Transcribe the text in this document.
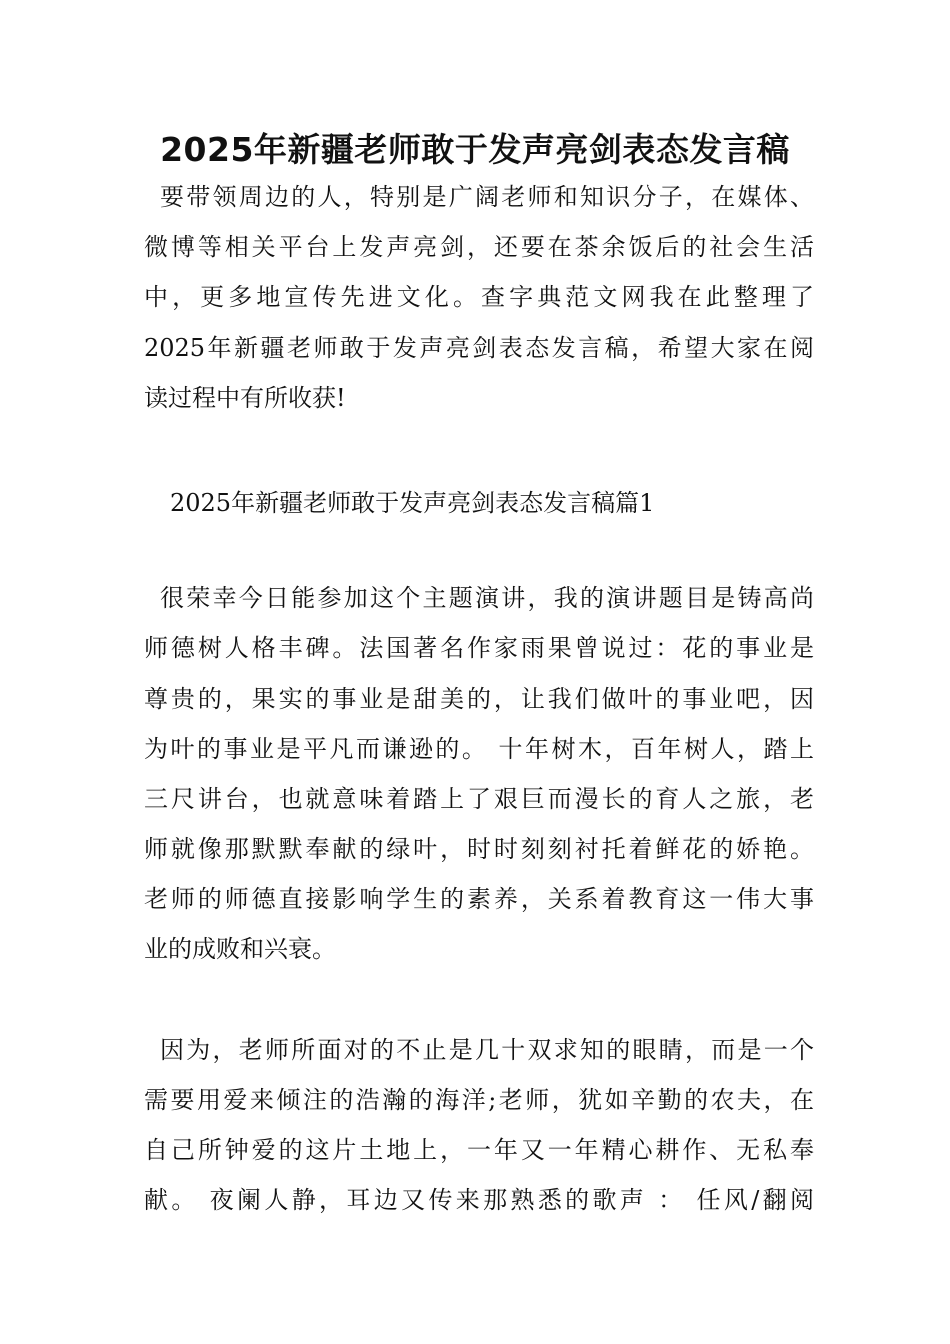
2025年新疆老师敢于发声亮剑表态发言稿
要带领周边的人，特别是广阔老师和知识分子，在媒体、
微博等相关平台上发声亮剑，还要在茶余饭后的社会生活
中，更多地宣传先进文化。查字典范文网我在此整理了
2025年新疆老师敢于发声亮剑表态发言稿，希望大家在阅
读过程中有所收获!
2025年新疆老师敢于发声亮剑表态发言稿篇1
很荣幸今日能参加这个主题演讲，我的演讲题目是铸高尚
师德树人格丰碑。法国著名作家雨果曾说过：花的事业是
尊贵的，果实的事业是甜美的，让我们做叶的事业吧，因
为叶的事业是平凡而谦逊的。 十年树木，百年树人，踏上
三尺讲台，也就意味着踏上了艰巨而漫长的育人之旅，老
师就像那默默奉献的绿叶，时时刻刻衬托着鲜花的娇艳。
老师的师德直接影响学生的素养，关系着教育这一伟大事
业的成败和兴衰。
因为，老师所面对的不止是几十双求知的眼睛，而是一个
需要用爱来倾注的浩瀚的海洋;老师，犹如辛勤的农夫，在
自己所钟爱的这片土地上，一年又一年精心耕作、无私奉
献。 夜阑人静，耳边又传来那熟悉的歌声 ： 任风/翻阅
